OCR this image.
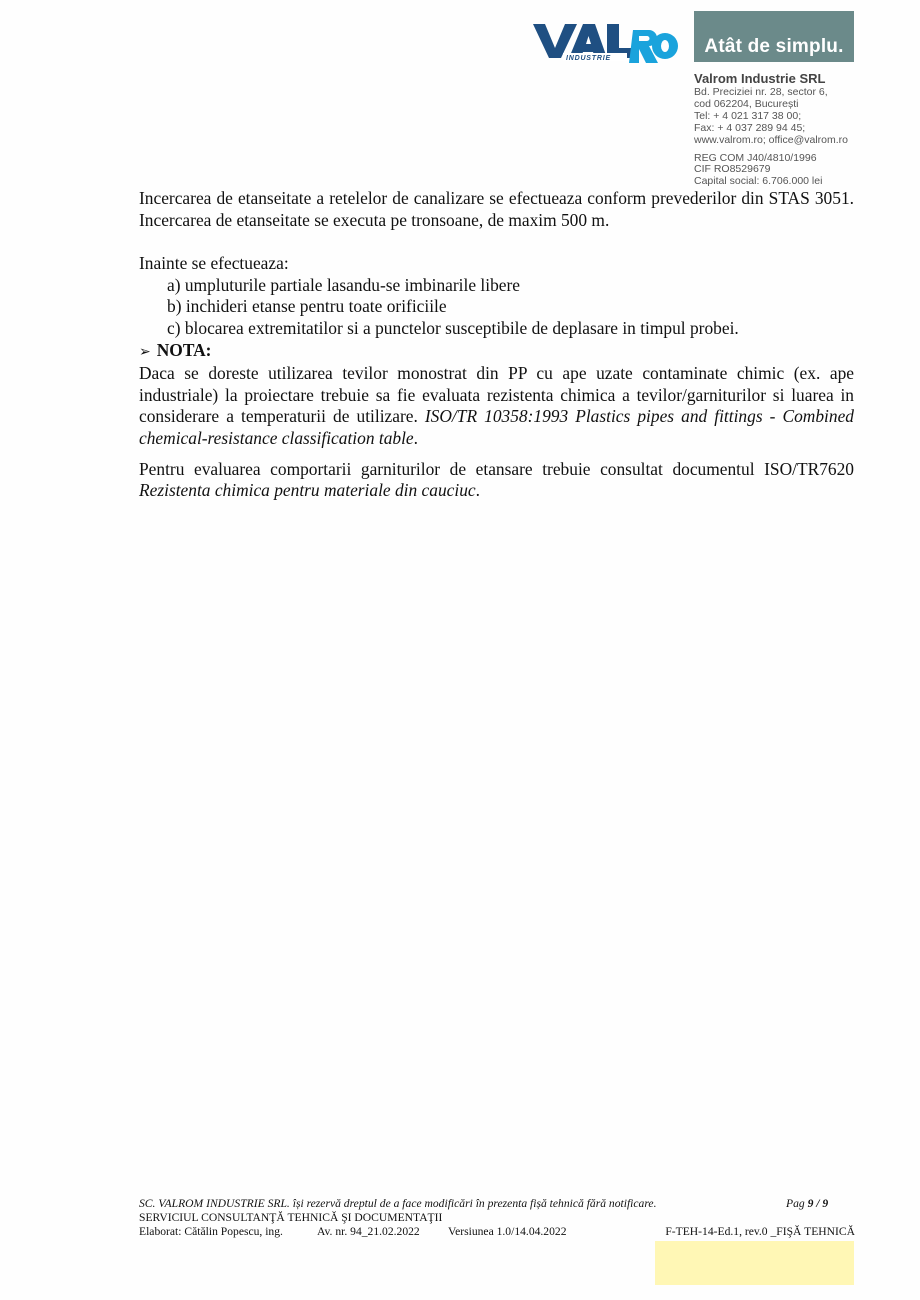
INDUSTRIE
Atât de simplu.
Valrom Industrie SRL
Bd. Preciziei nr. 28, sector 6,
cod 062204, București
Tel: + 4 021 317 38 00;
Fax: + 4 037 289 94 45;
www.valrom.ro; office@valrom.ro
REG COM J40/4810/1996
CIF RO8529679
Capital social: 6.706.000 lei

Incercarea de etanseitate a retelelor de canalizare se efectueaza conform prevederilor din STAS 3051. Incercarea de etanseitate se executa pe tronsoane, de maxim 500 m.

Inainte se efectueaza:

a) umpluturile partiale lasandu-se imbinarile libere

b) inchideri etanse pentru toate orificiile

c) blocarea extremitatilor si a punctelor susceptibile de deplasare in timpul probei.

➢ NOTA:

Daca se doreste utilizarea tevilor monostrat din PP cu ape uzate contaminate chimic (ex. ape industriale) la proiectare trebuie sa fie evaluata rezistenta chimica a tevilor/garniturilor si luarea in considerare a temperaturii de utilizare. ISO/TR 10358:1993 Plastics pipes and fittings - Combined chemical-resistance classification table.

Pentru evaluarea comportarii garniturilor de etansare trebuie consultat documentul ISO/TR7620 Rezistenta chimica pentru materiale din cauciuc.

SC. VALROM INDUSTRIE SRL. își rezervă dreptul de a face modificări în prezenta fișă tehnică fără notificare.	Pag 9 / 9
SERVICIUL CONSULTANŢĂ TEHNICĂ ŞI DOCUMENTAŢII
Elaborat: Cătălin Popescu, ing.	Av. nr. 94_21.02.2022 Versiunea 1.0/14.04.2022	F-TEH-14-Ed.1, rev.0 _FIŞĂ TEHNICĂ
